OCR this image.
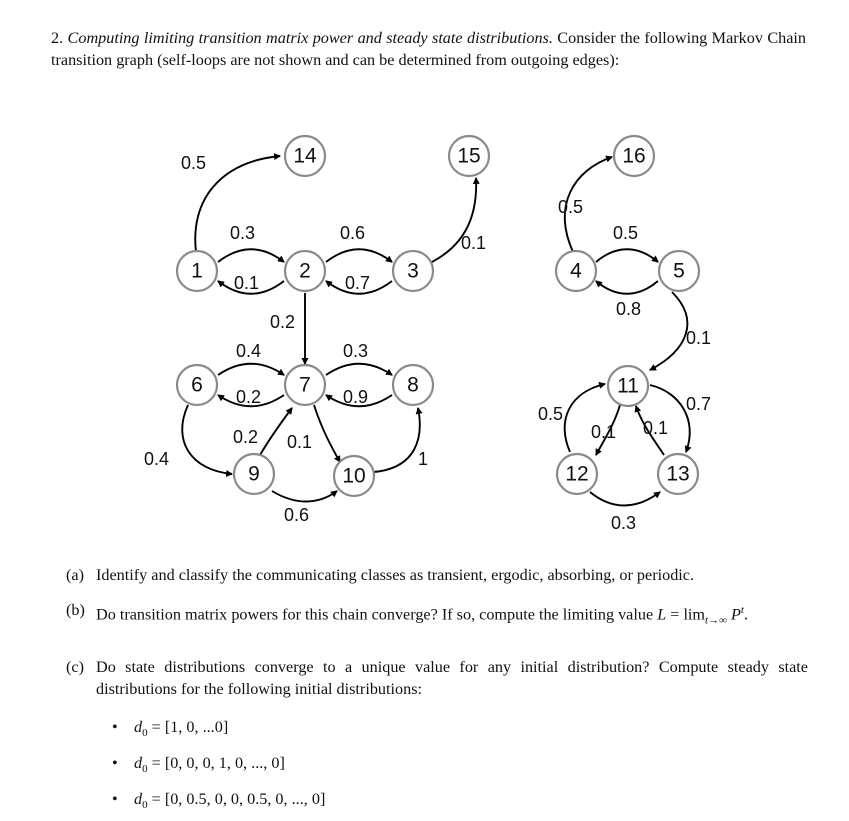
2. Computing limiting transition matrix power and steady state distributions. Consider the following Markov Chain transition graph (self-loops are not shown and can be determined from outgoing edges):
0.5
0.3
0.1
0.6
0.7
0.1
0.2
0.4
0.2
0.3
0.9
0.4
0.2 0.1
0.6
1
0.5
0.5
0.8
0.1
0.7
0.5
0.1 0.1
0.3
1	2	3
6	7	8
9	10
14	15
4	5
11
12	13
16
(a) Identify and classify the communicating classes as transient, ergodic, absorbing, or periodic.
(b) Do transition matrix powers for this chain converge? If so, compute the limiting value $L = \lim_{t\to\infty} P^t$.
(c) Do state distributions converge to a unique value for any initial distribution? Compute steady state distributions for the following initial distributions:
• $d_0 = [1$, 0, ...0]
• $d_0 = [0$, 0, 0, 1, 0, ..., 0]
• $d_0 = [0$, 0.5, 0, 0, 0.5, 0, ..., 0]
